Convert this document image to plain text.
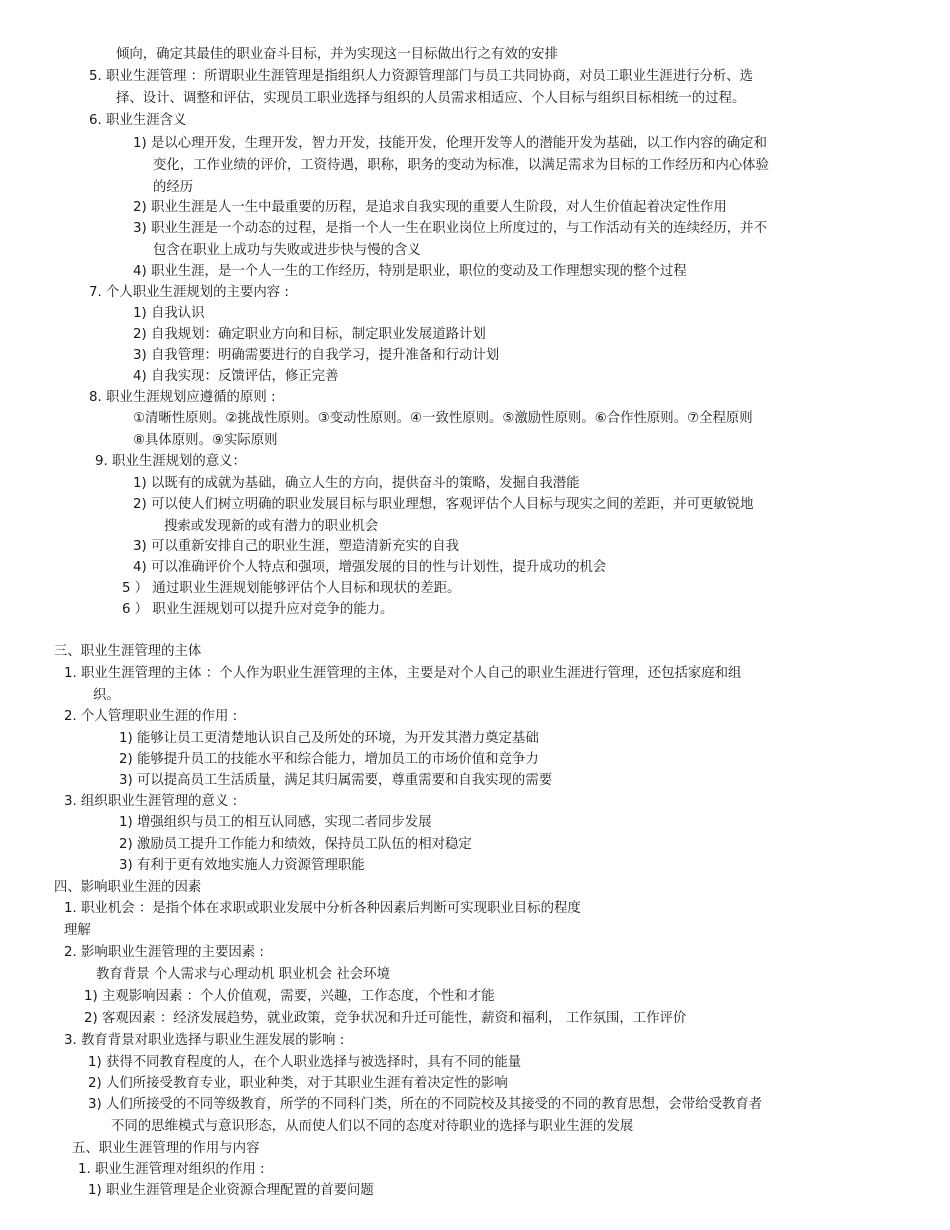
倾向，确定其最佳的职业奋斗目标，并为实现这一目标做出行之有效的安排
5. 职业生涯管理 ：所谓职业生涯管理是指组织人力资源管理部门与员工共同协商，对员工职业生涯进行分析、选
择、设计、调整和评估，实现员工职业选择与组织的人员需求相适应、个人目标与组织目标相统一的过程。
6. 职业生涯含义
1) 是以心理开发，生理开发，智力开发，技能开发，伦理开发等人的潜能开发为基础，以工作内容的确定和
变化，工作业绩的评价，工资待遇，职称，职务的变动为标准，以满足需求为目标的工作经历和内心体验
的经历
2) 职业生涯是人一生中最重要的历程，是追求自我实现的重要人生阶段，对人生价值起着决定性作用
3) 职业生涯是一个动态的过程，是指一个人一生在职业岗位上所度过的，与工作活动有关的连续经历，并不
包含在职业上成功与失败或进步快与慢的含义
4) 职业生涯，是一个人一生的工作经历，特别是职业，职位的变动及工作理想实现的整个过程
7. 个人职业生涯规划的主要内容 :
1) 自我认识
2) 自我规划：确定职业方向和目标，制定职业发展道路计划
3) 自我管理：明确需要进行的自我学习，提升准备和行动计划
4) 自我实现：反馈评估，修正完善
8. 职业生涯规划应遵循的原则 :
①清晰性原则。②挑战性原则。③变动性原则。④一致性原则。⑤激励性原则。⑥合作性原则。⑦全程原则
⑧具体原则。⑨实际原则
9. 职业生涯规划的意义：
1) 以既有的成就为基础，确立人生的方向，提供奋斗的策略，发掘自我潜能
2) 可以使人们树立明确的职业发展目标与职业理想，客观评估个人目标与现实之间的差距，并可更敏锐地
搜索或发现新的或有潜力的职业机会
3) 可以重新安排自己的职业生涯，塑造清新充实的自我
4) 可以准确评价个人特点和强项，增强发展的目的性与计划性，提升成功的机会
5 ） 通过职业生涯规划能够评估个人目标和现状的差距。
6 ） 职业生涯规划可以提升应对竞争的能力。
三、职业生涯管理的主体
1. 职业生涯管理的主体 ：个人作为职业生涯管理的主体，主要是对个人自己的职业生涯进行管理，还包括家庭和组
织。
2. 个人管理职业生涯的作用 :
1) 能够让员工更清楚地认识自己及所处的环境，为开发其潜力奠定基础
2) 能够提升员工的技能水平和综合能力，增加员工的市场价值和竞争力
3) 可以提高员工生活质量，满足其归属需要，尊重需要和自我实现的需要
3. 组织职业生涯管理的意义 :
1) 增强组织与员工的相互认同感，实现二者同步发展
2) 激励员工提升工作能力和绩效，保持员工队伍的相对稳定
3) 有利于更有效地实施人力资源管理职能
四、影响职业生涯的因素
1. 职业机会 ：是指个体在求职或职业发展中分析各种因素后判断可实现职业目标的程度
理解
2. 影响职业生涯管理的主要因素 :
教育背景 个人需求与心理动机 职业机会 社会环境
1) 主观影响因素 ：个人价值观，需要，兴趣，工作态度，个性和才能
2) 客观因素 ：经济发展趋势，就业政策，竞争状况和升迁可能性，薪资和福利， 工作氛围，工作评价
3. 教育背景对职业选择与职业生涯发展的影响 :
1) 获得不同教育程度的人，在个人职业选择与被选择时，具有不同的能量
2) 人们所接受教育专业，职业种类，对于其职业生涯有着决定性的影响
3) 人们所接受的不同等级教育，所学的不同科门类，所在的不同院校及其接受的不同的教育思想，会带给受教育者
不同的思维模式与意识形态，从而使人们以不同的态度对待职业的选择与职业生涯的发展
五、职业生涯管理的作用与内容
1. 职业生涯管理对组织的作用 :
1) 职业生涯管理是企业资源合理配置的首要问题
